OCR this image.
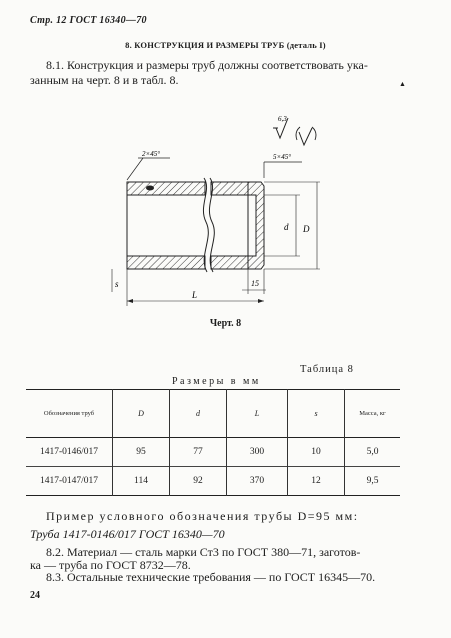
Стр. 12 ГОСТ 16340—70
8. КОНСТРУКЦИЯ И РАЗМЕРЫ ТРУБ (деталь I)
8.1. Конструкция и размеры труб должны соответствовать ука-
занным на черт. 8 и в табл. 8.	▲
6,3
2×45°	5×45°
d D
s	15
L
Черт. 8
Таблица 8
Размеры в мм
Обозначения труб	D	d	L	s	Масса, кг
1417-0146/017	95	77	300	10	5,0
1417-0147/017	114	92	370	12	9,5
Пример условного обозначения трубы D=95 мм:
Труба 1417-0146/017 ГОСТ 16340—70
8.2. Материал — сталь марки Ст3 по ГОСТ 380—71, заготов-
ка — труба по ГОСТ 8732—78.
8.3. Остальные технические требования — по ГОСТ 16345—70.
24
